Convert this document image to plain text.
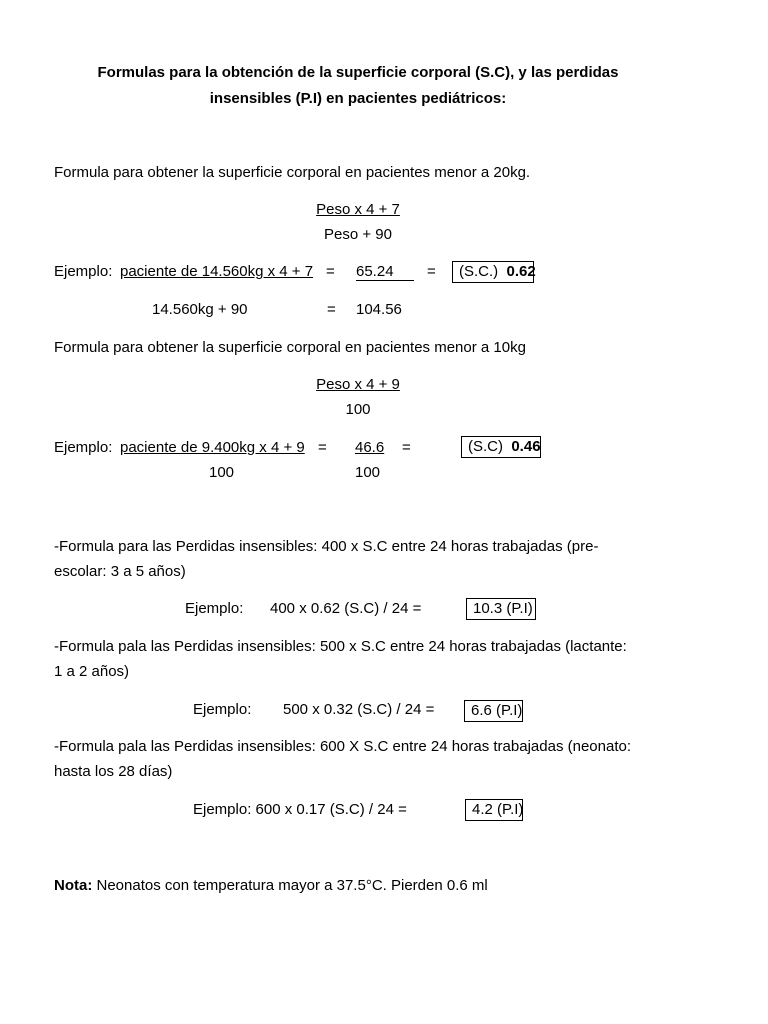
Formulas para la obtención de la superficie corporal (S.C), y las perdidas
insensibles (P.I) en pacientes pediátricos:
Formula para obtener la superficie corporal en pacientes menor a 20kg.
Peso x 4 + 7
Peso + 90
Ejemplo: paciente de 14.560kg x 4 + 7 = 65.24 =	(S.C.) 0.62
14.560kg + 90	= 104.56
Formula para obtener la superficie corporal en pacientes menor a 10kg
Peso x 4 + 9
100
Ejemplo: paciente de 9.400kg x 4 + 9 = 46.6 =	(S.C) 0.46
100	100
-Formula para las Perdidas insensibles: 400 x S.C entre 24 horas trabajadas (pre-
escolar: 3 a 5 años)
Ejemplo: 400 x 0.62 (S.C) / 24 =	10.3 (P.I)
-Formula pala las Perdidas insensibles: 500 x S.C entre 24 horas trabajadas (lactante:
1 a 2 años)
Ejemplo: 500 x 0.32 (S.C) / 24 =	6.6 (P.I)
-Formula pala las Perdidas insensibles: 600 X S.C entre 24 horas trabajadas (neonato:
hasta los 28 días)
Ejemplo: 600 x 0.17 (S.C) / 24 =	4.2 (P.I)
Nota: Neonatos con temperatura mayor a 37.5°C. Pierden 0.6 ml
